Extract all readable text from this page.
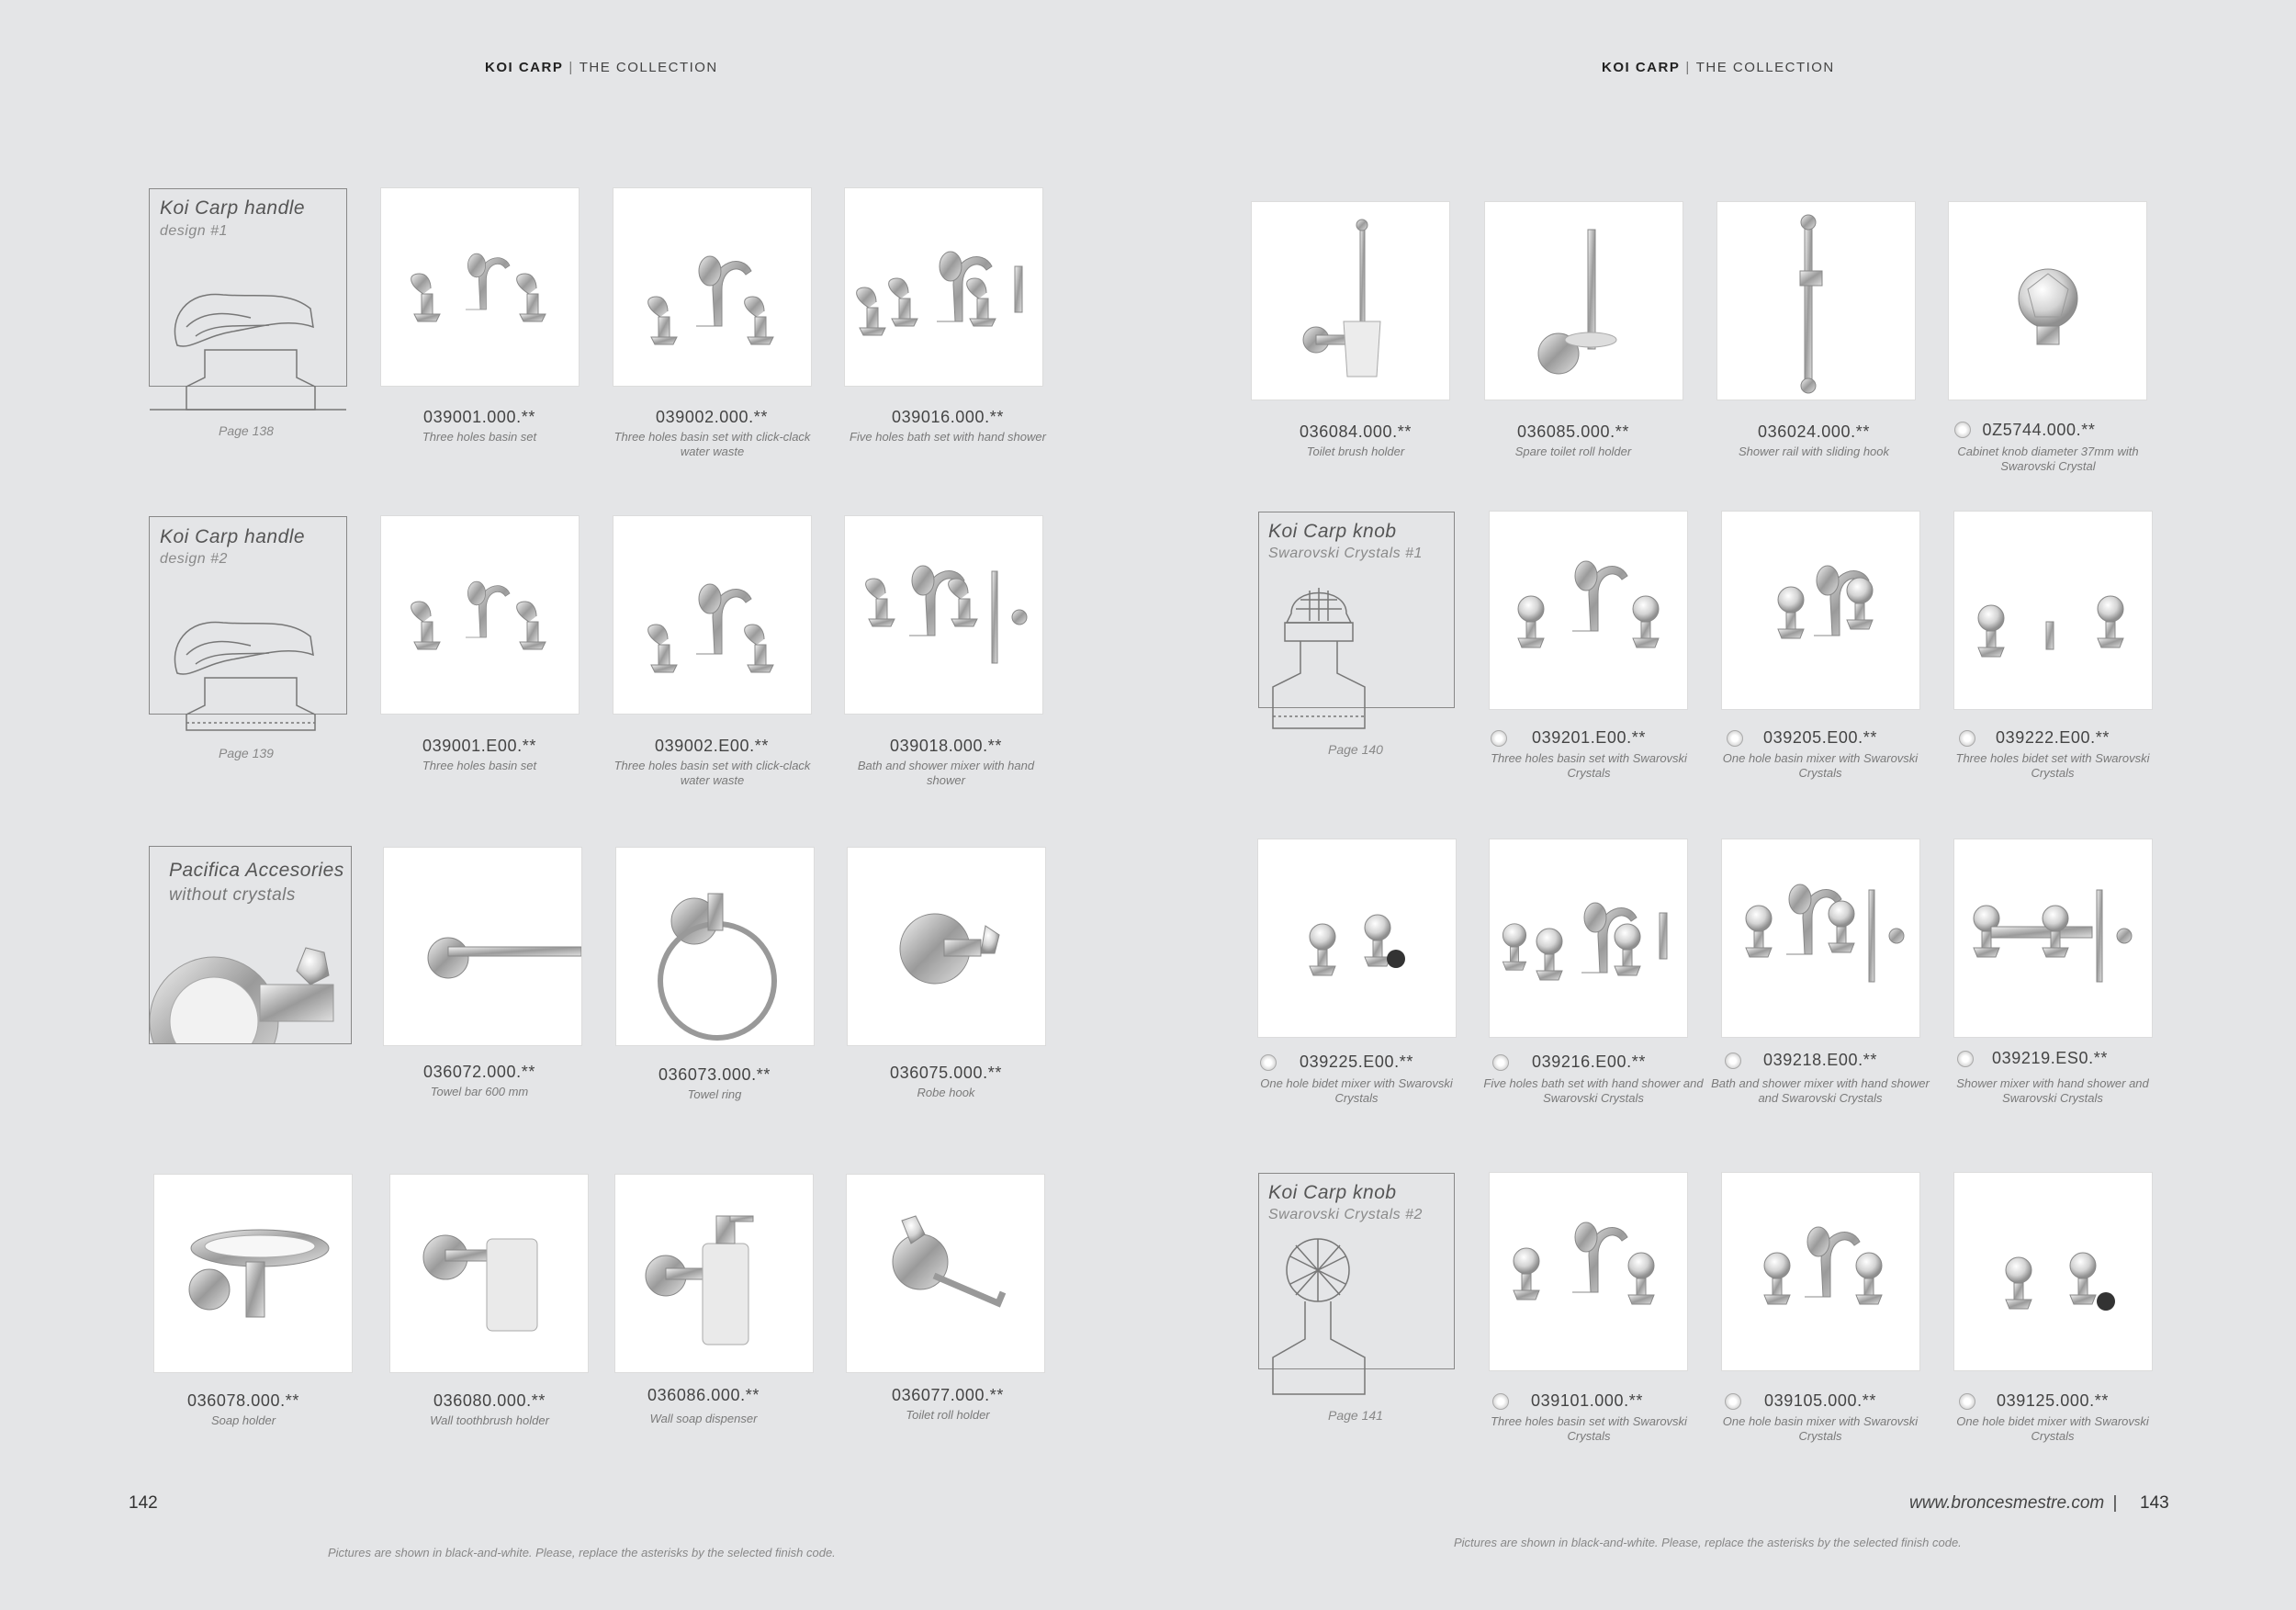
KOI CARP | THE COLLECTION	KOI CARP | THE COLLECTION
Koi Carp handle
design #1
Page 138
Koi Carp handle
design #2
Page 139
Pacifica Accesories
without crystals
039001.000.**
Three holes basin set
039002.000.**
Three holes basin set with click-clack water waste
039016.000.**
Five holes bath set with hand shower
039001.E00.**
Three holes basin set
039002.E00.**
Three holes basin set with click-clack water waste
039018.000.**
Bath and shower mixer with hand shower
036072.000.**
Towel bar 600 mm
036073.000.**
Towel ring
036075.000.**
Robe hook
036078.000.**
Soap holder
036080.000.**
Wall toothbrush holder
036086.000.**
Wall soap dispenser
036077.000.**
Toilet roll holder
142
Pictures are shown in black-and-white. Please, replace the asterisks by the selected finish code.
036084.000.**
Toilet brush holder
036085.000.**
Spare toilet roll holder
036024.000.**
Shower rail with sliding hook
0Z5744.000.**
Cabinet knob diameter 37mm with Swarovski Crystal
Koi Carp knob
Swarovski Crystals #1
Page 140
039201.E00.**
Three holes basin set with Swarovski Crystals
039205.E00.**
One hole basin mixer with Swarovski Crystals
039222.E00.**
Three holes bidet set with Swarovski Crystals
039225.E00.**
One hole bidet mixer with Swarovski Crystals
039216.E00.**
Five holes bath set with hand shower and Swarovski Crystals
039218.E00.**
Bath and shower mixer with hand shower and Swarovski Crystals
039219.ES0.**
Shower mixer with hand shower and Swarovski Crystals
Koi Carp knob
Swarovski Crystals #2
Page 141
039101.000.**
Three holes basin set with Swarovski Crystals
039105.000.**
One hole basin mixer with Swarovski Crystals
039125.000.**
One hole bidet mixer with Swarovski Crystals
www.broncesmestre.com | 143
Pictures are shown in black-and-white. Please, replace the asterisks by the selected finish code.
